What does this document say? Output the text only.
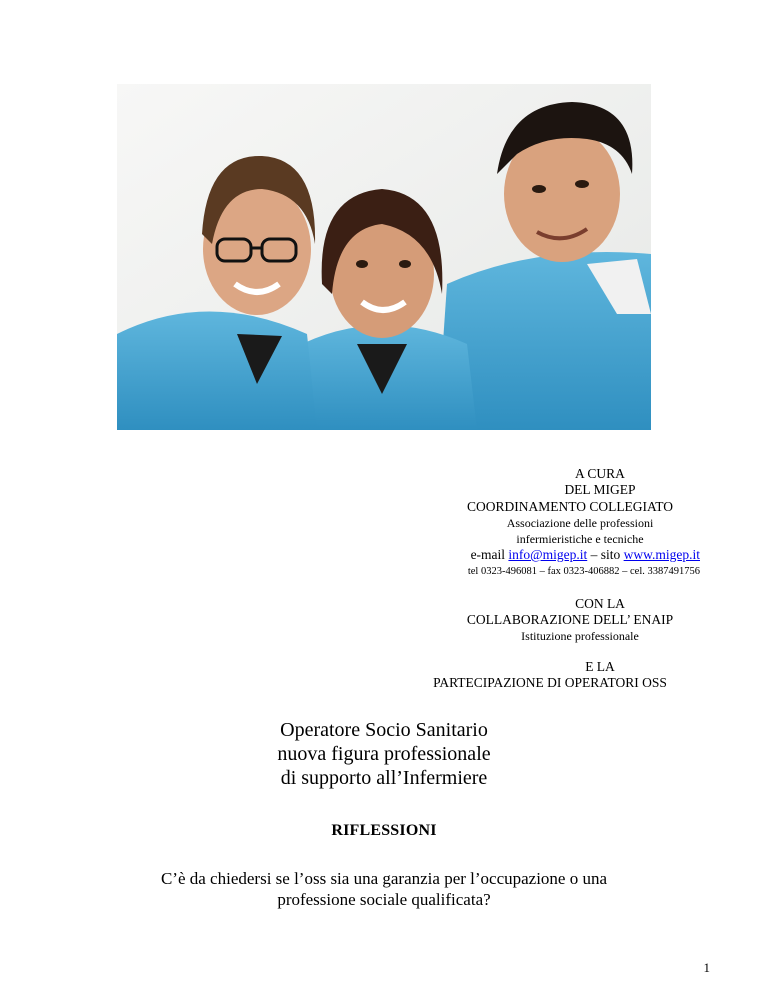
A CURA
DEL MIGEP
COORDINAMENTO COLLEGIATO
Associazione delle professioni
infermieristiche e tecniche
e-mail info@migep.it – sito www.migep.it
tel 0323-496081 – fax 0323-406882 – cel. 3387491756
CON LA
COLLABORAZIONE DELL’ ENAIP
Istituzione professionale
E LA
PARTECIPAZIONE DI OPERATORI OSS
Operatore Socio Sanitario
nuova figura professionale
di supporto all’Infermiere
RIFLESSIONI
C’è da chiedersi se l’oss sia una garanzia per l’occupazione o una
professione sociale qualificata?
1
